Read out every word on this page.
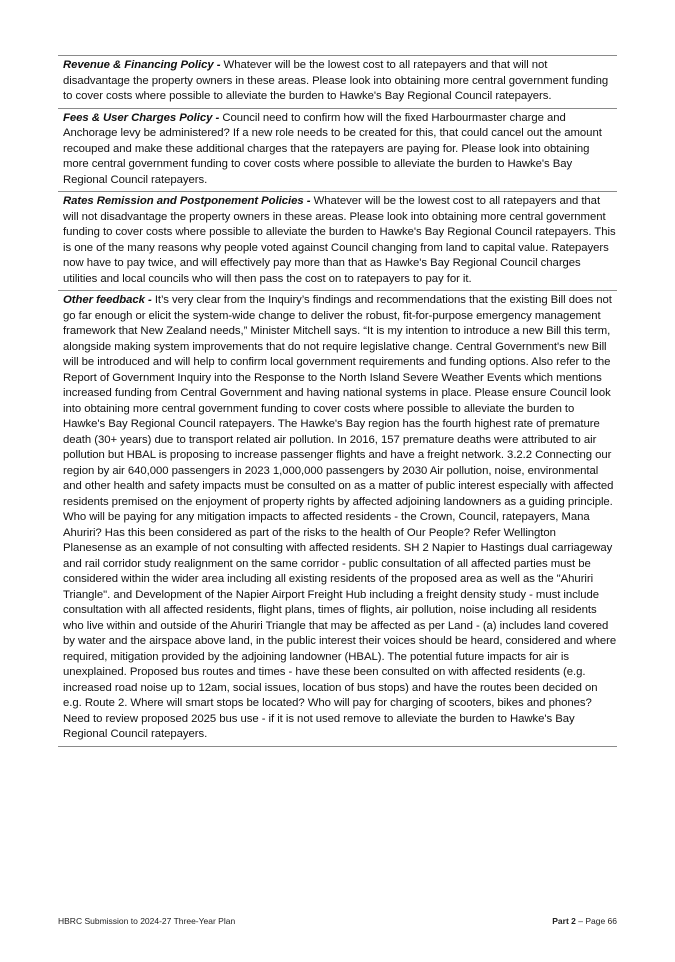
Revenue & Financing Policy - Whatever will be the lowest cost to all ratepayers and that will not disadvantage the property owners in these areas. Please look into obtaining more central government funding to cover costs where possible to alleviate the burden to Hawke's Bay Regional Council ratepayers.
Fees & User Charges Policy - Council need to confirm how will the fixed Harbourmaster charge and Anchorage levy be administered? If a new role needs to be created for this, that could cancel out the amount recouped and make these additional charges that the ratepayers are paying for. Please look into obtaining more central government funding to cover costs where possible to alleviate the burden to Hawke's Bay Regional Council ratepayers.
Rates Remission and Postponement Policies - Whatever will be the lowest cost to all ratepayers and that will not disadvantage the property owners in these areas. Please look into obtaining more central government funding to cover costs where possible to alleviate the burden to Hawke's Bay Regional Council ratepayers. This is one of the many reasons why people voted against Council changing from land to capital value. Ratepayers now have to pay twice, and will effectively pay more than that as Hawke's Bay Regional Council charges utilities and local councils who will then pass the cost on to ratepayers to pay for it.
Other feedback - It’s very clear from the Inquiry’s findings and recommendations that the existing Bill does not go far enough or elicit the system-wide change to deliver the robust, fit-for-purpose emergency management framework that New Zealand needs,” Minister Mitchell says. “It is my intention to introduce a new Bill this term, alongside making system improvements that do not require legislative change. Central Government's new Bill will be introduced and will help to confirm local government requirements and funding options. Also refer to the Report of Government Inquiry into the Response to the North Island Severe Weather Events which mentions increased funding from Central Government and having national systems in place. Please ensure Council look into obtaining more central government funding to cover costs where possible to alleviate the burden to Hawke's Bay Regional Council ratepayers. The Hawke's Bay region has the fourth highest rate of premature death (30+ years) due to transport related air pollution. In 2016, 157 premature deaths were attributed to air pollution but HBAL is proposing to increase passenger flights and have a freight network. 3.2.2 Connecting our region by air 640,000 passengers in 2023 1,000,000 passengers by 2030 Air pollution, noise, environmental and other health and safety impacts must be consulted on as a matter of public interest especially with affected residents premised on the enjoyment of property rights by affected adjoining landowners as a guiding principle. Who will be paying for any mitigation impacts to affected residents - the Crown, Council, ratepayers, Mana Ahuriri? Has this been considered as part of the risks to the health of Our People? Refer Wellington Planesense as an example of not consulting with affected residents. SH 2 Napier to Hastings dual carriageway and rail corridor study realignment on the same corridor - public consultation of all affected parties must be considered within the wider area including all existing residents of the proposed area as well as the "Ahuriri Triangle". and Development of the Napier Airport Freight Hub including a freight density study - must include consultation with all affected residents, flight plans, times of flights, air pollution, noise including all residents who live within and outside of the Ahuriri Triangle that may be affected as per Land - (a) includes land covered by water and the airspace above land, in the public interest their voices should be heard, considered and where required, mitigation provided by the adjoining landowner (HBAL). The potential future impacts for air is unexplained. Proposed bus routes and times - have these been consulted on with affected residents (e.g. increased road noise up to 12am, social issues, location of bus stops) and have the routes been decided on e.g. Route 2. Where will smart stops be located? Who will pay for charging of scooters, bikes and phones? Need to review proposed 2025 bus use - if it is not used remove to alleviate the burden to Hawke's Bay Regional Council ratepayers.
HBRC Submission to 2024-27 Three-Year Plan	Part 2 – Page 66
